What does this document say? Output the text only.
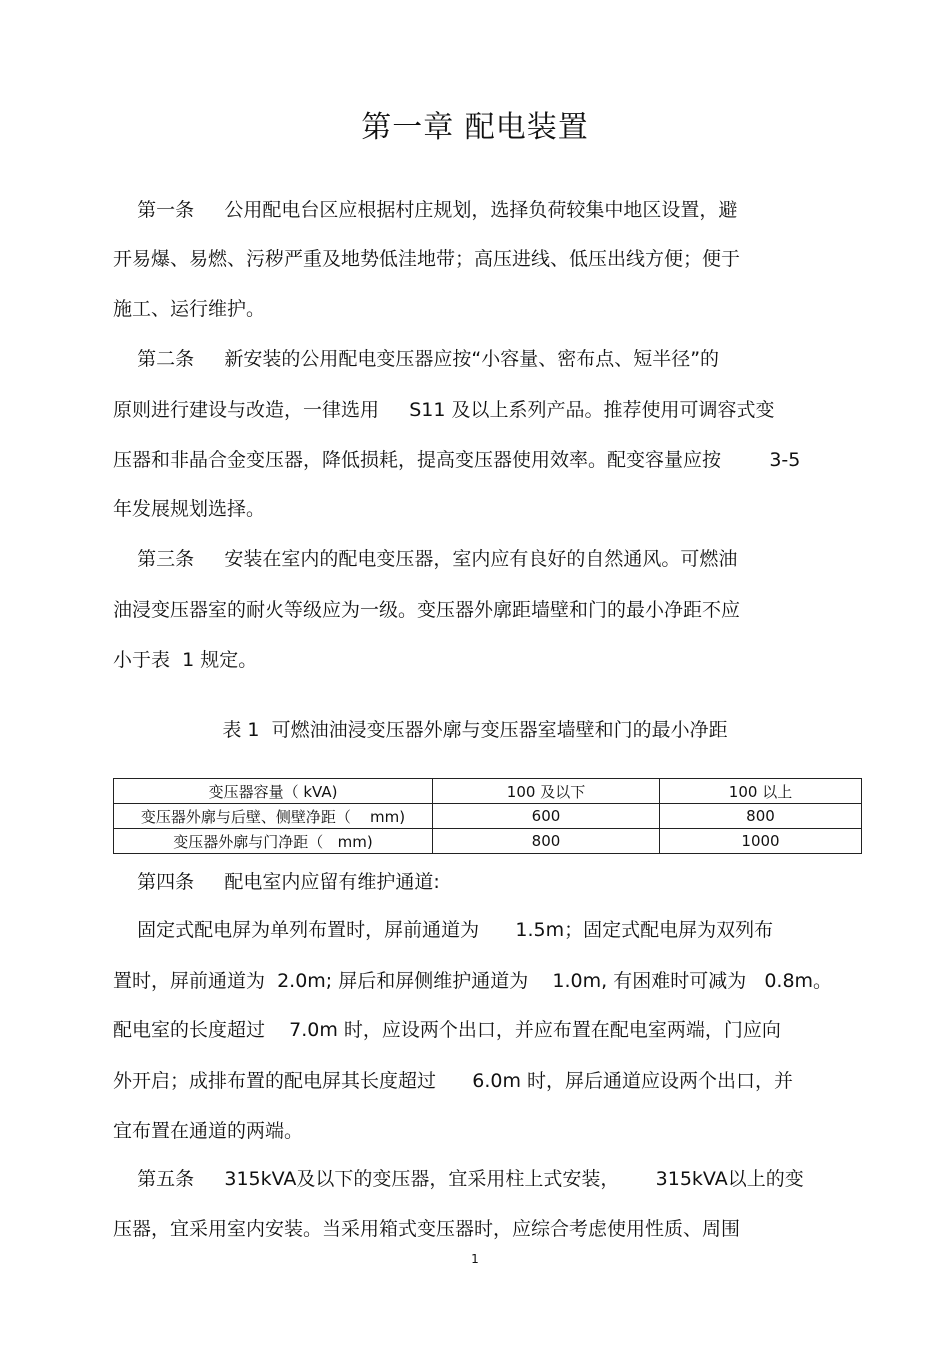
第一章 配电装置
第一条     公用配电台区应根据村庄规划，选择负荷较集中地区设置，避
开易爆、易燃、污秽严重及地势低洼地带；高压进线、低压出线方便；便于
施工、运行维护。
第二条     新安装的公用配电变压器应按“小容量、密布点、短半径”的
原则进行建设与改造，一律选用     S11 及以上系列产品。推荐使用可调容式变
压器和非晶合金变压器，降低损耗，提高变压器使用效率。配变容量应按        3-5
年发展规划选择。
第三条     安装在室内的配电变压器，室内应有良好的自然通风。可燃油
油浸变压器室的耐火等级应为一级。变压器外廓距墙壁和门的最小净距不应
小于表  1 规定。
表 1  可燃油油浸变压器外廓与变压器室墙壁和门的最小净距
变压器容量（ kVA)	100 及以下	100 以上
变压器外廓与后壁、侧壁净距（    mm)	600	800
变压器外廓与门净距（   mm)	800	1000
第四条     配电室内应留有维护通道:
固定式配电屏为单列布置时，屏前通道为      1.5m；固定式配电屏为双列布
置时，屏前通道为  2.0m; 屏后和屏侧维护通道为    1.0m, 有困难时可减为   0.8m。
配电室的长度超过    7.0m 时，应设两个出口，并应布置在配电室两端，门应向
外开启；成排布置的配电屏其长度超过      6.0m 时，屏后通道应设两个出口，并
宜布置在通道的两端。
第五条     315kVA及以下的变压器，宜采用柱上式安装，      315kVA以上的变
压器，宜采用室内安装。当采用箱式变压器时，应综合考虑使用性质、周围
1
